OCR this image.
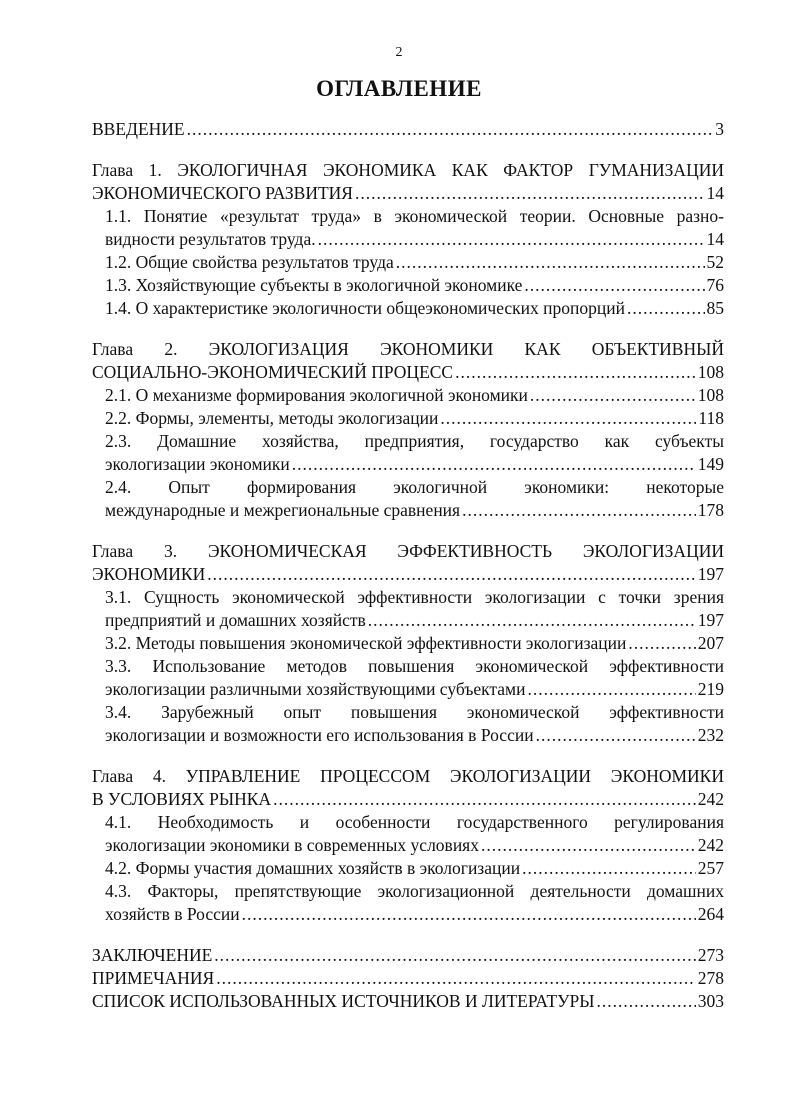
2
ОГЛАВЛЕНИЕ
ВВЕДЕНИЕ .....	3
Глава 1. ЭКОЛОГИЧНАЯ ЭКОНОМИКА КАК ФАКТОР ГУМАНИЗАЦИИ
ЭКОНОМИЧЕСКОГО РАЗВИТИЯ .....	14
1.1. Понятие «результат труда» в экономической теории. Основные разно-
видности результатов труда. .....	14
1.2. Общие свойства результатов труда .....	52
1.3. Хозяйствующие субъекты в экологичной экономике .....	76
1.4. О характеристике экологичности общеэкономических пропорций .....	85
Глава 2. ЭКОЛОГИЗАЦИЯ ЭКОНОМИКИ КАК ОБЪЕКТИВНЫЙ
СОЦИАЛЬНО-ЭКОНОМИЧЕСКИЙ ПРОЦЕСС .....	108
2.1. О механизме формирования экологичной экономики .....	108
2.2. Формы, элементы, методы экологизации .....	118
2.3. Домашние хозяйства, предприятия, государство как субъекты
экологизации экономики .....	149
2.4. Опыт формирования экологичной экономики: некоторые
международные и межрегиональные сравнения .....	178
Глава 3. ЭКОНОМИЧЕСКАЯ ЭФФЕКТИВНОСТЬ ЭКОЛОГИЗАЦИИ
ЭКОНОМИКИ .....	197
3.1. Сущность экономической эффективности экологизации с точки зрения
предприятий и домашних хозяйств .....	197
3.2. Методы повышения экономической эффективности экологизации .....	207
3.3. Использование методов повышения экономической эффективности
экологизации различными хозяйствующими субъектами .....	219
3.4. Зарубежный опыт повышения экономической эффективности
экологизации и возможности его использования в России .....	232
Глава 4. УПРАВЛЕНИЕ ПРОЦЕССОМ ЭКОЛОГИЗАЦИИ ЭКОНОМИКИ
В УСЛОВИЯХ РЫНКА .....	242
4.1. Необходимость и особенности государственного регулирования
экологизации экономики в современных условиях .....	242
4.2. Формы участия домашних хозяйств в экологизации .....	257
4.3. Факторы, препятствующие экологизационной деятельности домашних
хозяйств в России .....	264
ЗАКЛЮЧЕНИЕ .....	273
ПРИМЕЧАНИЯ .....	278
СПИСОК ИСПОЛЬЗОВАННЫХ ИСТОЧНИКОВ И ЛИТЕРАТУРЫ .....	303
